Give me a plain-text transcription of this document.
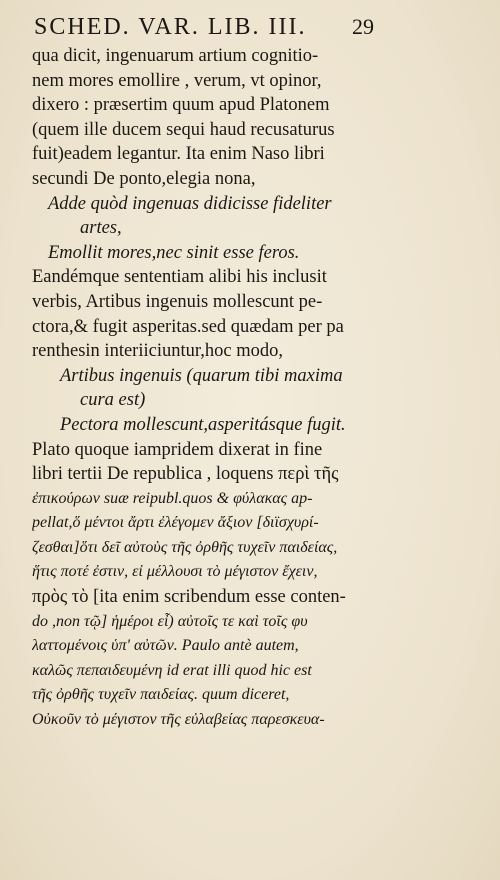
SCHED. VAR. LIB. III. 29
qua dicit, ingenuarum artium cognitio-
nem mores emollire , verum, vt opinor,
dixero : præsertim quum apud Platonem
(quem ille ducem sequi haud recusaturus
fuit)eadem legantur. Ita enim Naso libri
secundi De ponto,elegia nona,
Adde quòd ingenuas didicisse fideliter
artes,
Emollit mores,nec sinit esse feros.
Eandémque sententiam alibi his inclusit
verbis, Artibus ingenuis mollescunt pe-
ctora,& fugit asperitas.sed quædam per pa
renthesin interiiciuntur,hoc modo,
Artibus ingenuis (quarum tibi maxima
cura est)
Pectora mollescunt,asperitásque fugit.
Plato quoque iampridem dixerat in fine
libri tertii De republica , loquens περὶ τῆς
ἐπικούρων suæ reipubl.quos & φύλακας ap-
pellat,ὅ μέντοι ἄρτι ἐλέγομεν ἄξιον [διϊσχυρί-
ζεσθαι]ὅτι δεῖ αὐτοὺς τῆς ὀρθῆς τυχεῖν παιδείας,
ἥτις ποτέ ἐστιν, εἰ μέλλουσι τὸ μέγιστον ἔχειν,
πρὸς τὸ [ita enim scribendum esse conten-
do ,non τῷ] ἡμέροι εἶ) αὐτοῖς τε καὶ τοῖς φυ
λαττομένοις ὑπ' αὐτῶν. Paulo antè autem,
καλῶς πεπαιδευμένη id erat illi quod hic est
τῆς ὀρθῆς τυχεῖν παιδείας. quum diceret,
Οὐκοῦν τὸ μέγιστον τῆς εὐλαβείας παρεσκευα-
